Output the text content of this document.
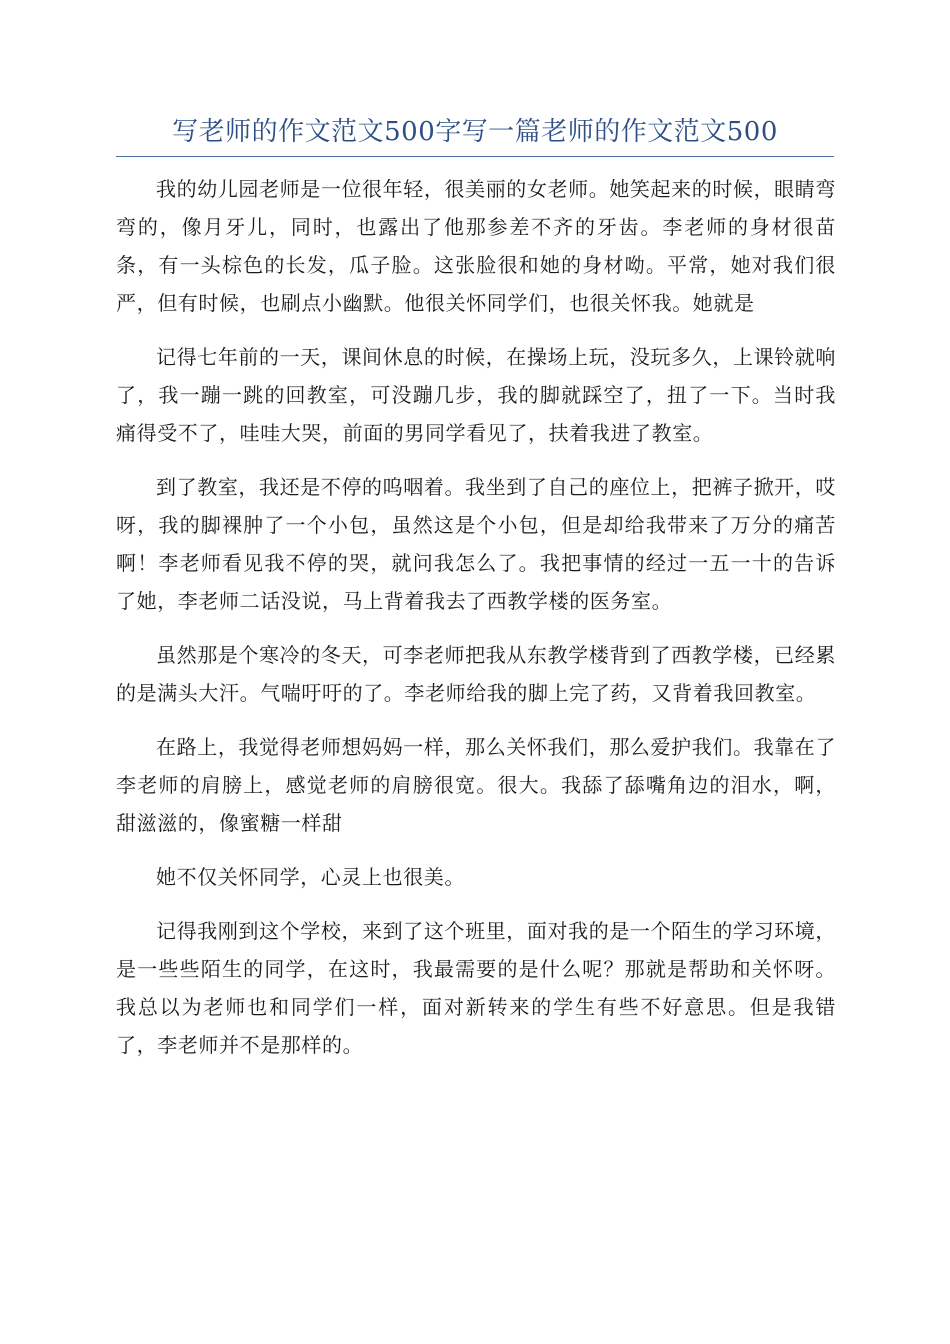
写老师的作文范文500字写一篇老师的作文范文500

我的幼儿园老师是一位很年轻，很美丽的女老师。她笑起来的时候，眼睛弯弯的，像月牙儿，同时，也露出了他那参差不齐的牙齿。李老师的身材很苗条，有一头棕色的长发，瓜子脸。这张脸很和她的身材呦。平常，她对我们很严，但有时候，也刷点小幽默。他很关怀同学们，也很关怀我。她就是

记得七年前的一天，课间休息的时候，在操场上玩，没玩多久，上课铃就响了，我一蹦一跳的回教室，可没蹦几步，我的脚就踩空了，扭了一下。当时我痛得受不了，哇哇大哭，前面的男同学看见了，扶着我进了教室。

到了教室，我还是不停的呜咽着。我坐到了自己的座位上，把裤子掀开，哎呀，我的脚裸肿了一个小包，虽然这是个小包，但是却给我带来了万分的痛苦啊！李老师看见我不停的哭，就问我怎么了。我把事情的经过一五一十的告诉了她，李老师二话没说，马上背着我去了西教学楼的医务室。

虽然那是个寒冷的冬天，可李老师把我从东教学楼背到了西教学楼，已经累的是满头大汗。气喘吁吁的了。李老师给我的脚上完了药，又背着我回教室。

在路上，我觉得老师想妈妈一样，那么关怀我们，那么爱护我们。我靠在了李老师的肩膀上，感觉老师的肩膀很宽。很大。我舔了舔嘴角边的泪水，啊，甜滋滋的，像蜜糖一样甜

她不仅关怀同学，心灵上也很美。

记得我刚到这个学校，来到了这个班里，面对我的是一个陌生的学习环境，是一些些陌生的同学，在这时，我最需要的是什么呢？那就是帮助和关怀呀。我总以为老师也和同学们一样，面对新转来的学生有些不好意思。但是我错了，李老师并不是那样的。
